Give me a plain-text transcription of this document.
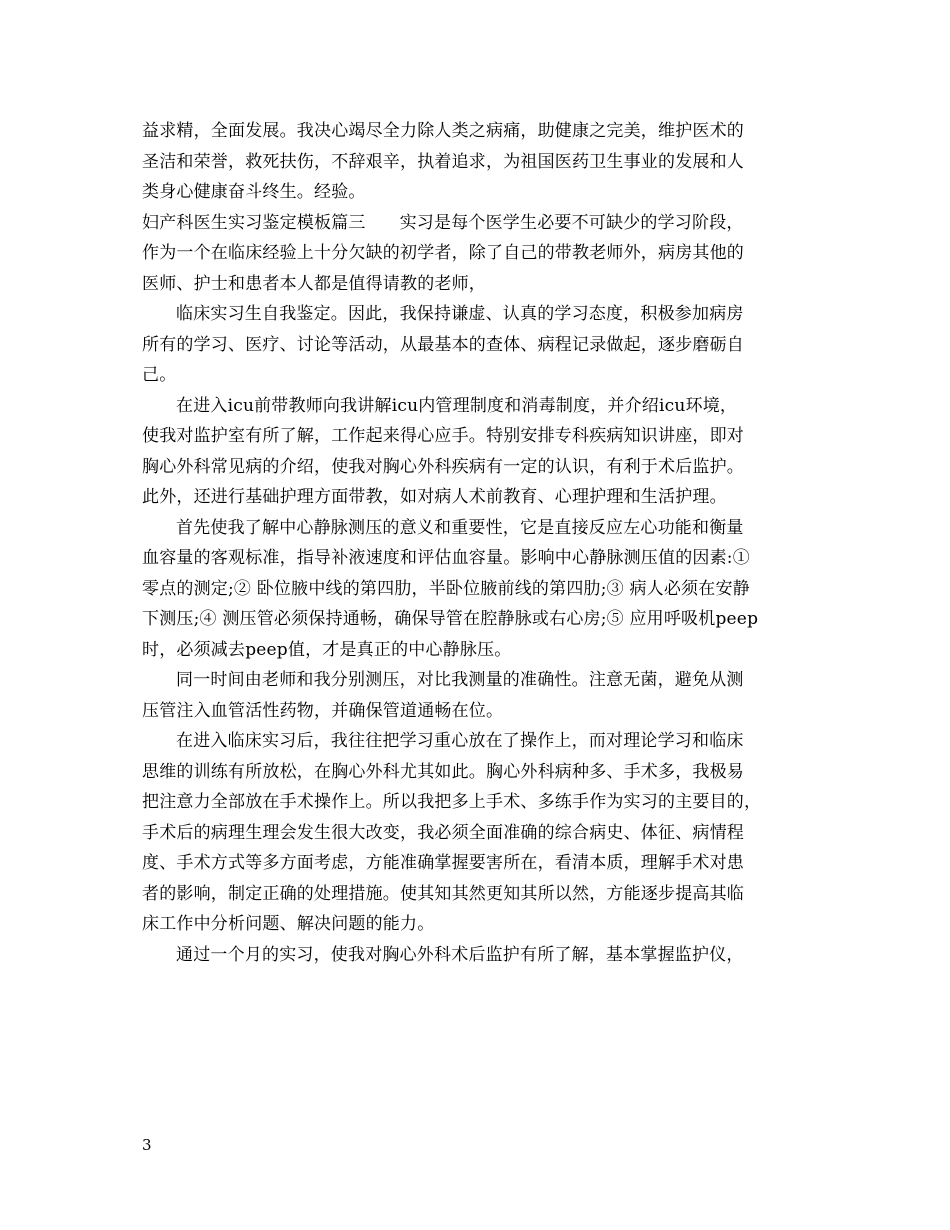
益求精，全面发展。我决心竭尽全力除人类之病痛，助健康之完美，维护医术的
圣洁和荣誉，救死扶伤，不辞艰辛，执着追求，为祖国医药卫生事业的发展和人
类身心健康奋斗终生。经验。
妇产科医生实习鉴定模板篇三 实习是每个医学生必要不可缺少的学习阶段，
作为一个在临床经验上十分欠缺的初学者，除了自己的带教老师外，病房其他的
医师、护士和患者本人都是值得请教的老师，
临床实习生自我鉴定。因此，我保持谦虚、认真的学习态度，积极参加病房
所有的学习、医疗、讨论等活动，从最基本的查体、病程记录做起，逐步磨砺自
己。
在进入icu前带教师向我讲解icu内管理制度和消毒制度，并介绍icu环境，
使我对监护室有所了解，工作起来得心应手。特别安排专科疾病知识讲座，即对
胸心外科常见病的介绍，使我对胸心外科疾病有一定的认识，有利于术后监护。
此外，还进行基础护理方面带教，如对病人术前教育、心理护理和生活护理。
首先使我了解中心静脉测压的意义和重要性，它是直接反应左心功能和衡量
血容量的客观标准，指导补液速度和评估血容量。影响中心静脉测压值的因素:①
零点的测定;② 卧位腋中线的第四肋，半卧位腋前线的第四肋;③ 病人必须在安静
下测压;④ 测压管必须保持通畅，确保导管在腔静脉或右心房;⑤ 应用呼吸机peep
时，必须减去peep值，才是真正的中心静脉压。
同一时间由老师和我分别测压，对比我测量的准确性。注意无菌，避免从测
压管注入血管活性药物，并确保管道通畅在位。
在进入临床实习后，我往往把学习重心放在了操作上，而对理论学习和临床
思维的训练有所放松，在胸心外科尤其如此。胸心外科病种多、手术多，我极易
把注意力全部放在手术操作上。所以我把多上手术、多练手作为实习的主要目的，
手术后的病理生理会发生很大改变，我必须全面准确的综合病史、体征、病情程
度、手术方式等多方面考虑，方能准确掌握要害所在，看清本质，理解手术对患
者的影响，制定正确的处理措施。使其知其然更知其所以然，方能逐步提高其临
床工作中分析问题、解决问题的能力。
通过一个月的实习，使我对胸心外科术后监护有所了解，基本掌握监护仪，
3
